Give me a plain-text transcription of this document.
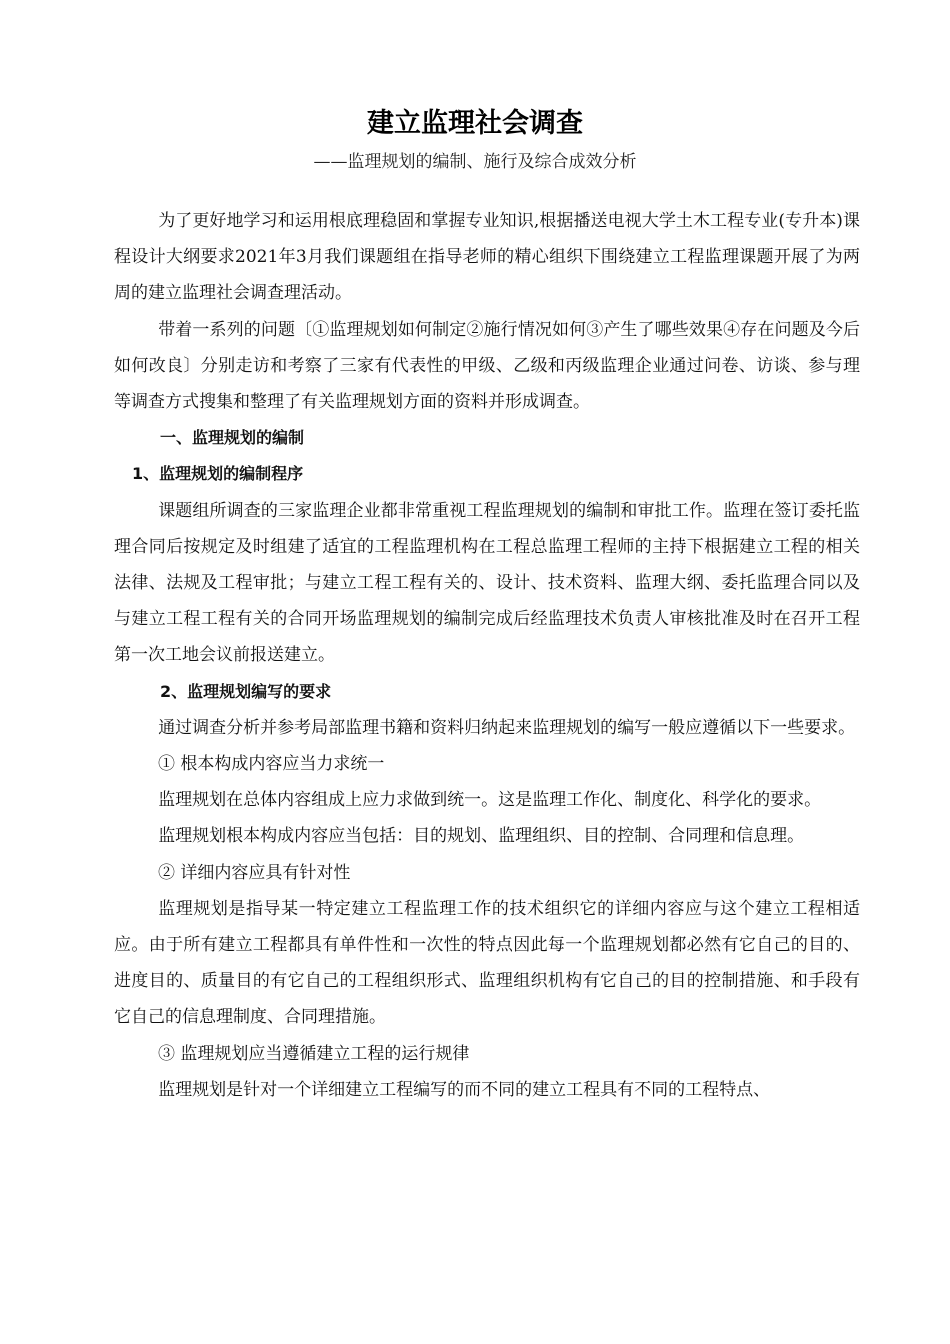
建立监理社会调查
——监理规划的编制、施行及综合成效分析

为了更好地学习和运用根底理稳固和掌握专业知识,根据播送电视大学土木工程专业(专升本)课程设计大纲要求2021年3月我们课题组在指导老师的精心组织下围绕建立工程监理课题开展了为两周的建立监理社会调查理活动。

带着一系列的问题〔①监理规划如何制定②施行情况如何③产生了哪些效果④存在问题及今后如何改良〕分别走访和考察了三家有代表性的甲级、乙级和丙级监理企业通过问卷、访谈、参与理等调查方式搜集和整理了有关监理规划方面的资料并形成调查。

一、监理规划的编制

1、监理规划的编制程序

课题组所调查的三家监理企业都非常重视工程监理规划的编制和审批工作。监理在签订委托监理合同后按规定及时组建了适宜的工程监理机构在工程总监理工程师的主持下根据建立工程的相关法律、法规及工程审批；与建立工程工程有关的、设计、技术资料、监理大纲、委托监理合同以及与建立工程工程有关的合同开场监理规划的编制完成后经监理技术负责人审核批准及时在召开工程第一次工地会议前报送建立。

2、监理规划编写的要求

通过调查分析并参考局部监理书籍和资料归纳起来监理规划的编写一般应遵循以下一些要求。

① 根本构成内容应当力求统一

监理规划在总体内容组成上应力求做到统一。这是监理工作化、制度化、科学化的要求。

监理规划根本构成内容应当包括：目的规划、监理组织、目的控制、合同理和信息理。

② 详细内容应具有针对性

监理规划是指导某一特定建立工程监理工作的技术组织它的详细内容应与这个建立工程相适应。由于所有建立工程都具有单件性和一次性的特点因此每一个监理规划都必然有它自己的目的、进度目的、质量目的有它自己的工程组织形式、监理组织机构有它自己的目的控制措施、和手段有它自己的信息理制度、合同理措施。

③ 监理规划应当遵循建立工程的运行规律

监理规划是针对一个详细建立工程编写的而不同的建立工程具有不同的工程特点、
